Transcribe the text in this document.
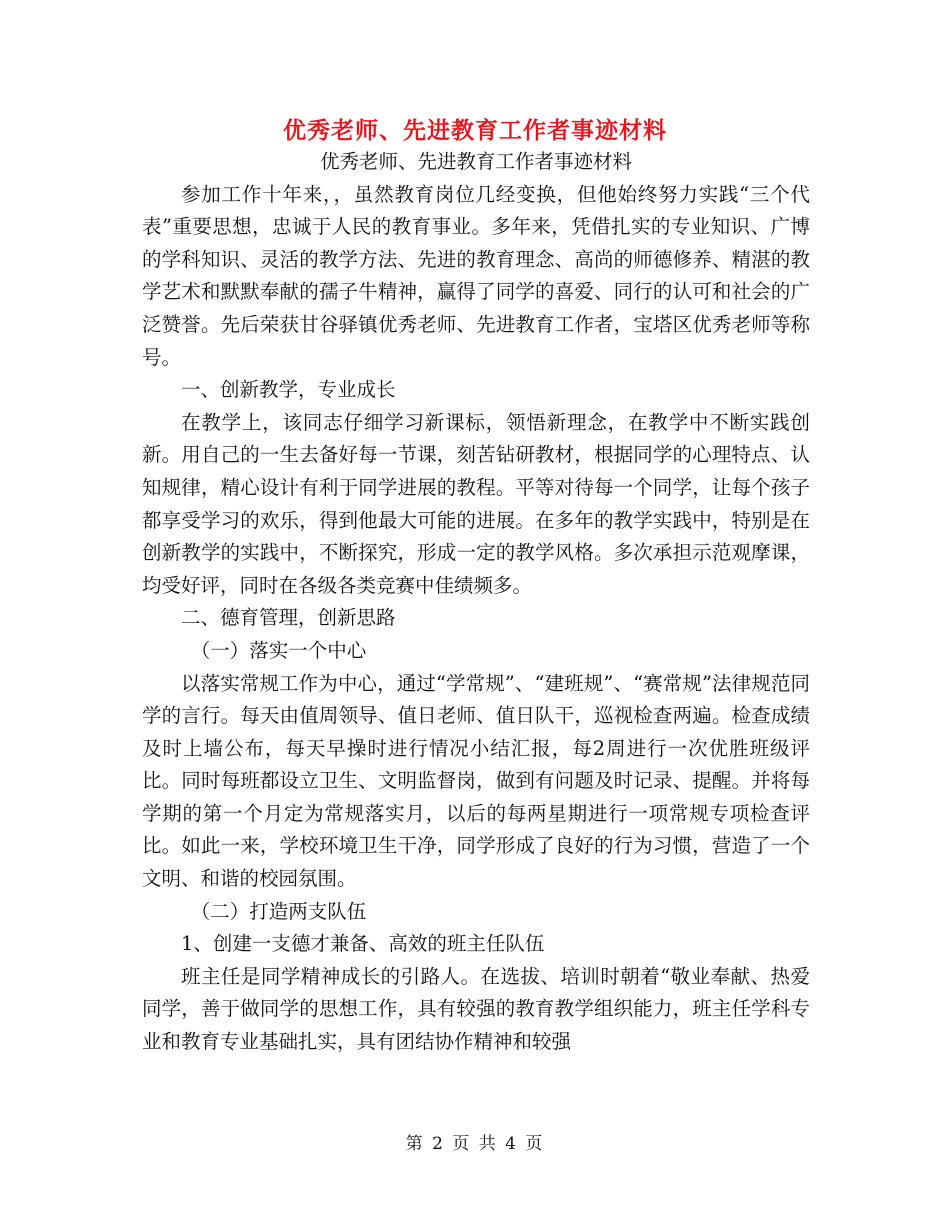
优秀老师、先进教育工作者事迹材料

优秀老师、先进教育工作者事迹材料

参加工作十年来，，虽然教育岗位几经变换，但他始终努力实践“三个代表”重要思想，忠诚于人民的教育事业。多年来，凭借扎实的专业知识、广博的学科知识、灵活的教学方法、先进的教育理念、高尚的师德修养、精湛的教学艺术和默默奉献的孺子牛精神，赢得了同学的喜爱、同行的认可和社会的广泛赞誉。先后荣获甘谷驿镇优秀老师、先进教育工作者，宝塔区优秀老师等称号。

一、创新教学，专业成长

在教学上，该同志仔细学习新课标，领悟新理念，在教学中不断实践创新。用自己的一生去备好每一节课，刻苦钻研教材，根据同学的心理特点、认知规律，精心设计有利于同学进展的教程。平等对待每一个同学，让每个孩子都享受学习的欢乐，得到他最大可能的进展。在多年的教学实践中，特别是在创新教学的实践中，不断探究，形成一定的教学风格。多次承担示范观摩课，均受好评，同时在各级各类竞赛中佳绩频多。

二、德育管理，创新思路

（一）落实一个中心

以落实常规工作为中心，通过“学常规”、“建班规”、“赛常规”法律规范同学的言行。每天由值周领导、值日老师、值日队干，巡视检查两遍。检查成绩及时上墙公布，每天早操时进行情况小结汇报，每2周进行一次优胜班级评比。同时每班都设立卫生、文明监督岗，做到有问题及时记录、提醒。并将每学期的第一个月定为常规落实月，以后的每两星期进行一项常规专项检查评比。如此一来，学校环境卫生干净，同学形成了良好的行为习惯，营造了一个文明、和谐的校园氛围。

（二）打造两支队伍

1、创建一支德才兼备、高效的班主任队伍

班主任是同学精神成长的引路人。在选拔、培训时朝着“敬业奉献、热爱同学，善于做同学的思想工作，具有较强的教育教学组织能力，班主任学科专业和教育专业基础扎实，具有团结协作精神和较强

第 2 页 共 4 页
